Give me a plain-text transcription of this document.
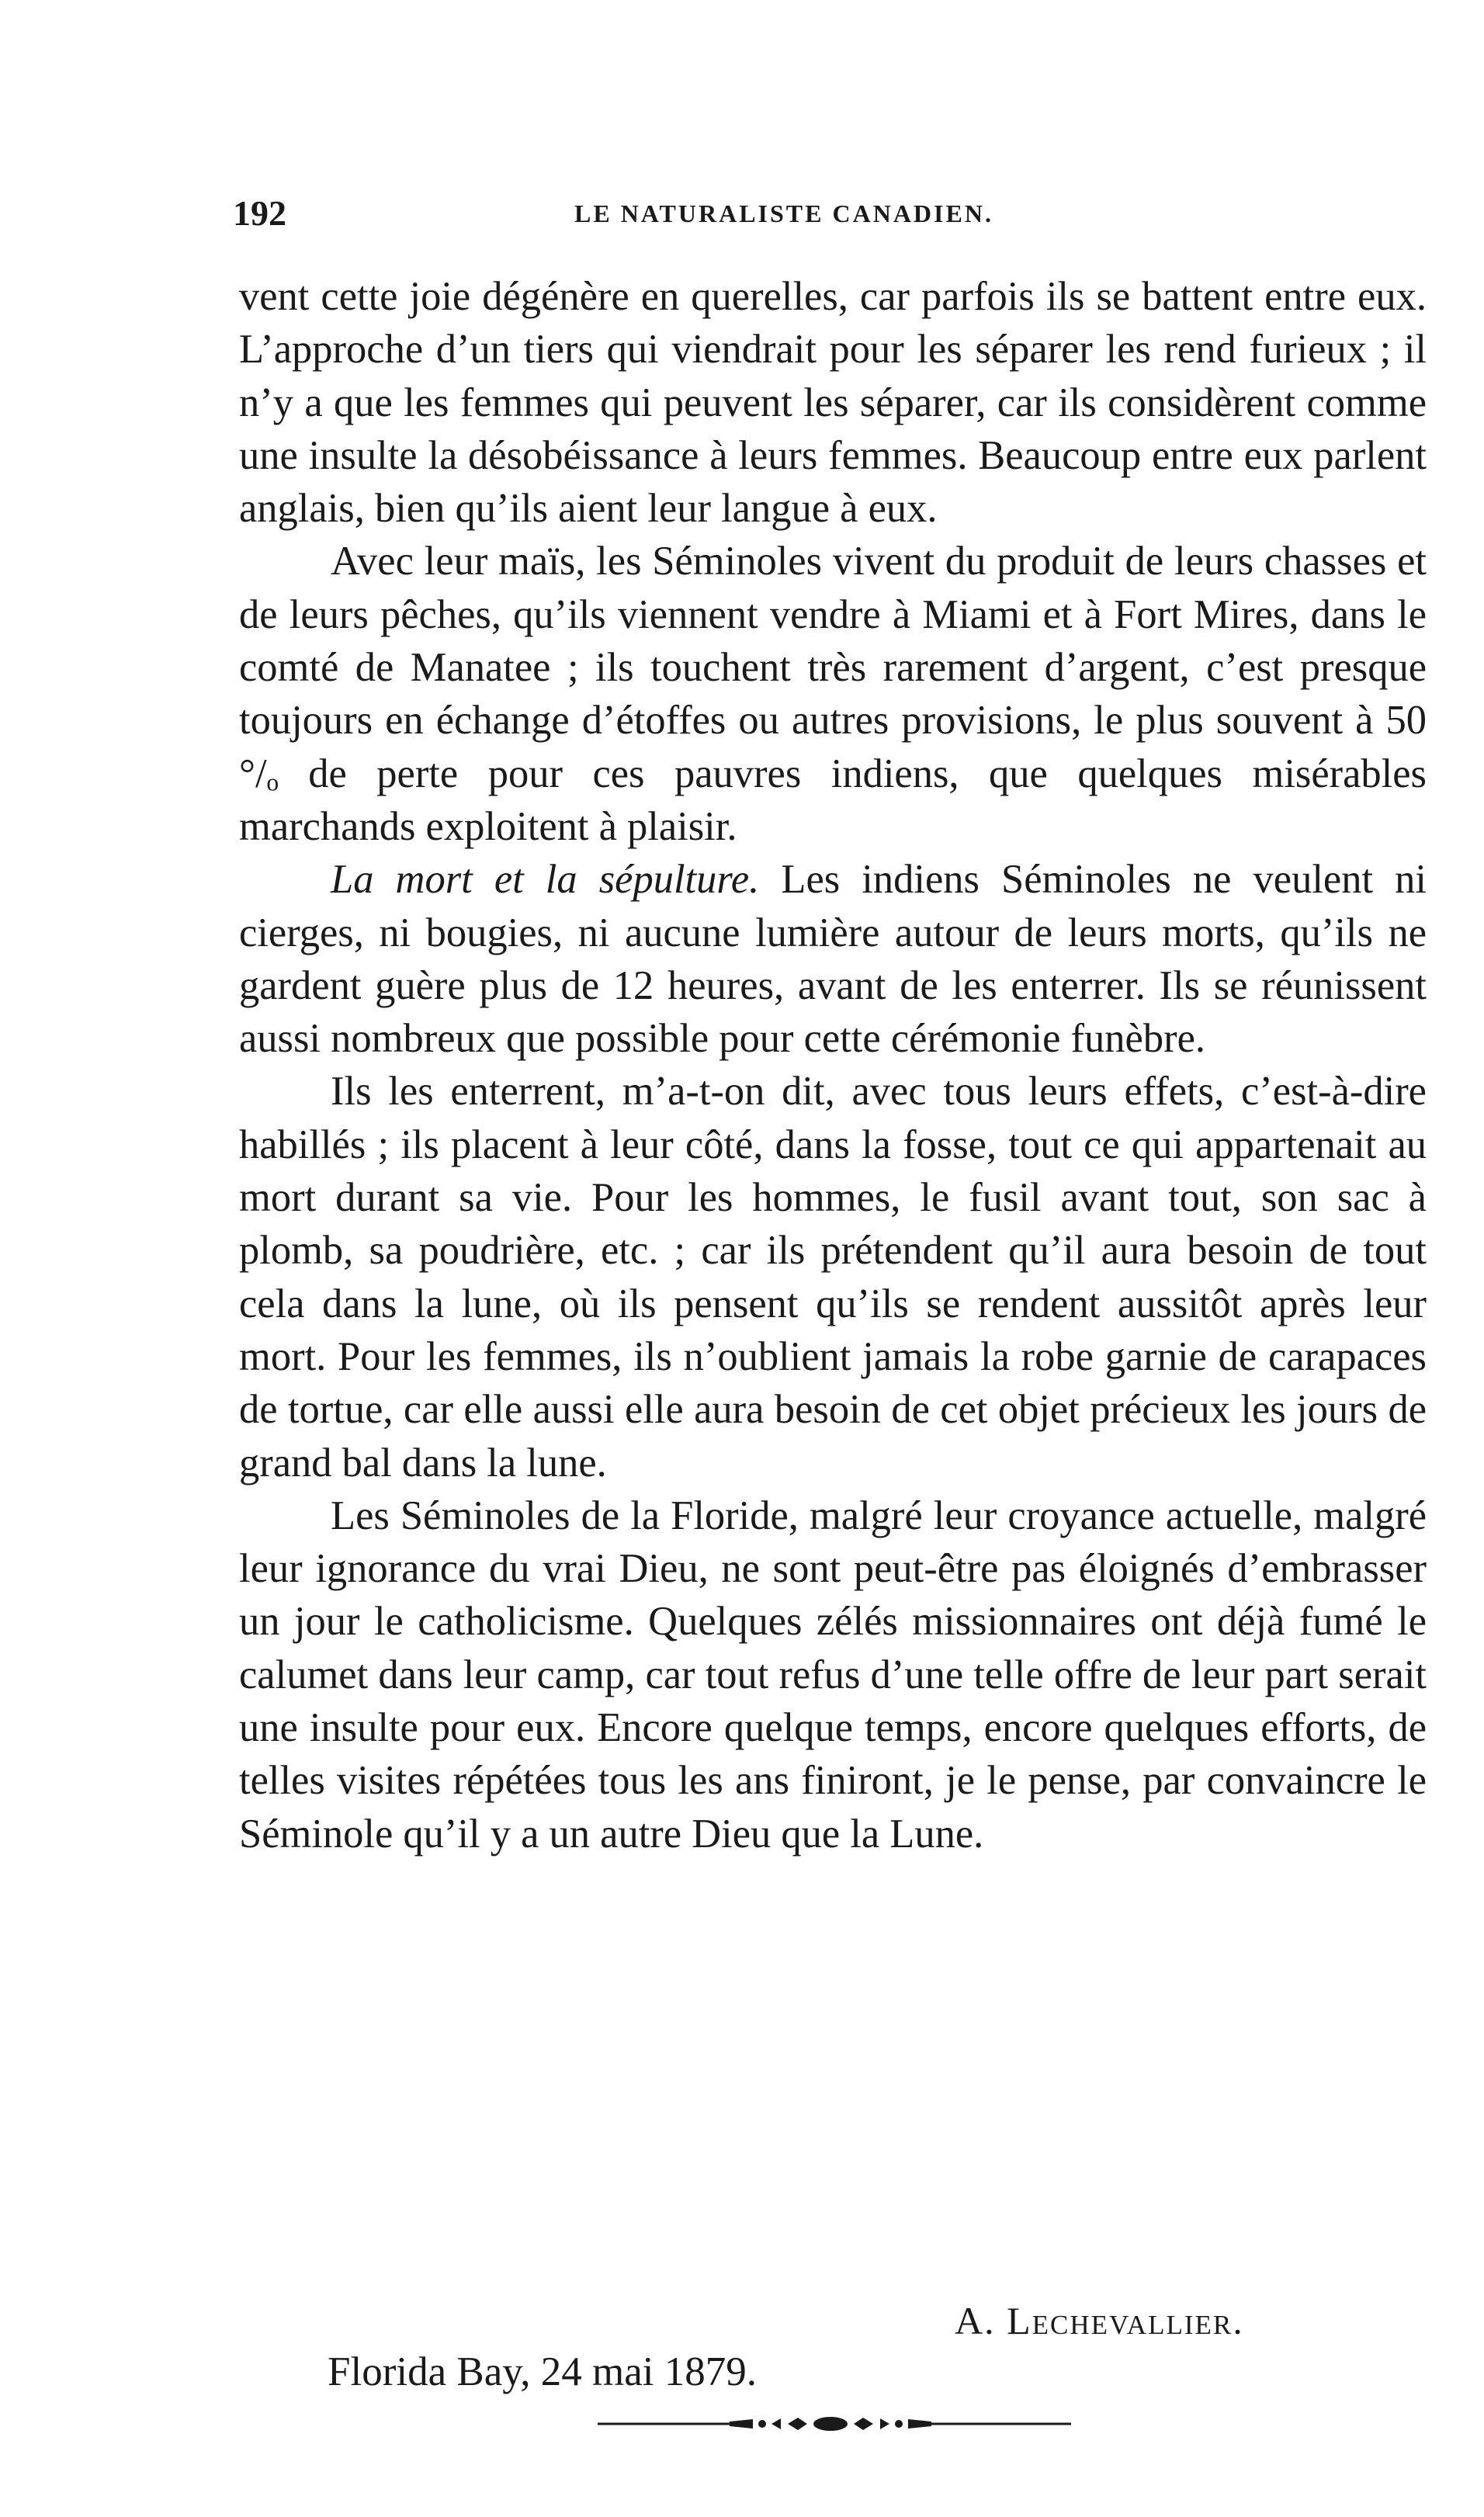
192	LE NATURALISTE CANADIEN.

vent cette joie dégénère en querelles, car parfois ils se battent entre eux. L’approche d’un tiers qui viendrait pour les séparer les rend furieux ; il n’y a que les femmes qui peuvent les séparer, car ils considèrent comme une insulte la désobéissance à leurs femmes. Beaucoup entre eux parlent anglais, bien qu’ils aient leur langue à eux.

Avec leur maïs, les Séminoles vivent du produit de leurs chasses et de leurs pêches, qu’ils viennent vendre à Miami et à Fort Mires, dans le comté de Manatee ; ils touchent très rarement d’argent, c’est presque toujours en échange d’étoffes ou autres provisions, le plus souvent à 50 °/ₒ de perte pour ces pauvres indiens, que quelques misérables marchands exploitent à plaisir.

La mort et la sépulture. Les indiens Séminoles ne veulent ni cierges, ni bougies, ni aucune lumière autour de leurs morts, qu’ils ne gardent guère plus de 12 heures, avant de les enterrer. Ils se réunissent aussi nombreux que possible pour cette cérémonie funèbre.

Ils les enterrent, m’a-t-on dit, avec tous leurs effets, c’est-à-dire habillés ; ils placent à leur côté, dans la fosse, tout ce qui appartenait au mort durant sa vie. Pour les hommes, le fusil avant tout, son sac à plomb, sa poudrière, etc. ; car ils prétendent qu’il aura besoin de tout cela dans la lune, où ils pensent qu’ils se rendent aussitôt après leur mort. Pour les femmes, ils n’oublient jamais la robe garnie de carapaces de tortue, car elle aussi elle aura besoin de cet objet précieux les jours de grand bal dans la lune.

Les Séminoles de la Floride, malgré leur croyance actuelle, malgré leur ignorance du vrai Dieu, ne sont peut-être pas éloignés d’embrasser un jour le catholicisme. Quelques zélés missionnaires ont déjà fumé le calumet dans leur camp, car tout refus d’une telle offre de leur part serait une insulte pour eux. Encore quelque temps, encore quelques efforts, de telles visites répétées tous les ans finiront, je le pense, par convaincre le Séminole qu’il y a un autre Dieu que la Lune.

A. Lechevallier.
Florida Bay, 24 mai 1879.
